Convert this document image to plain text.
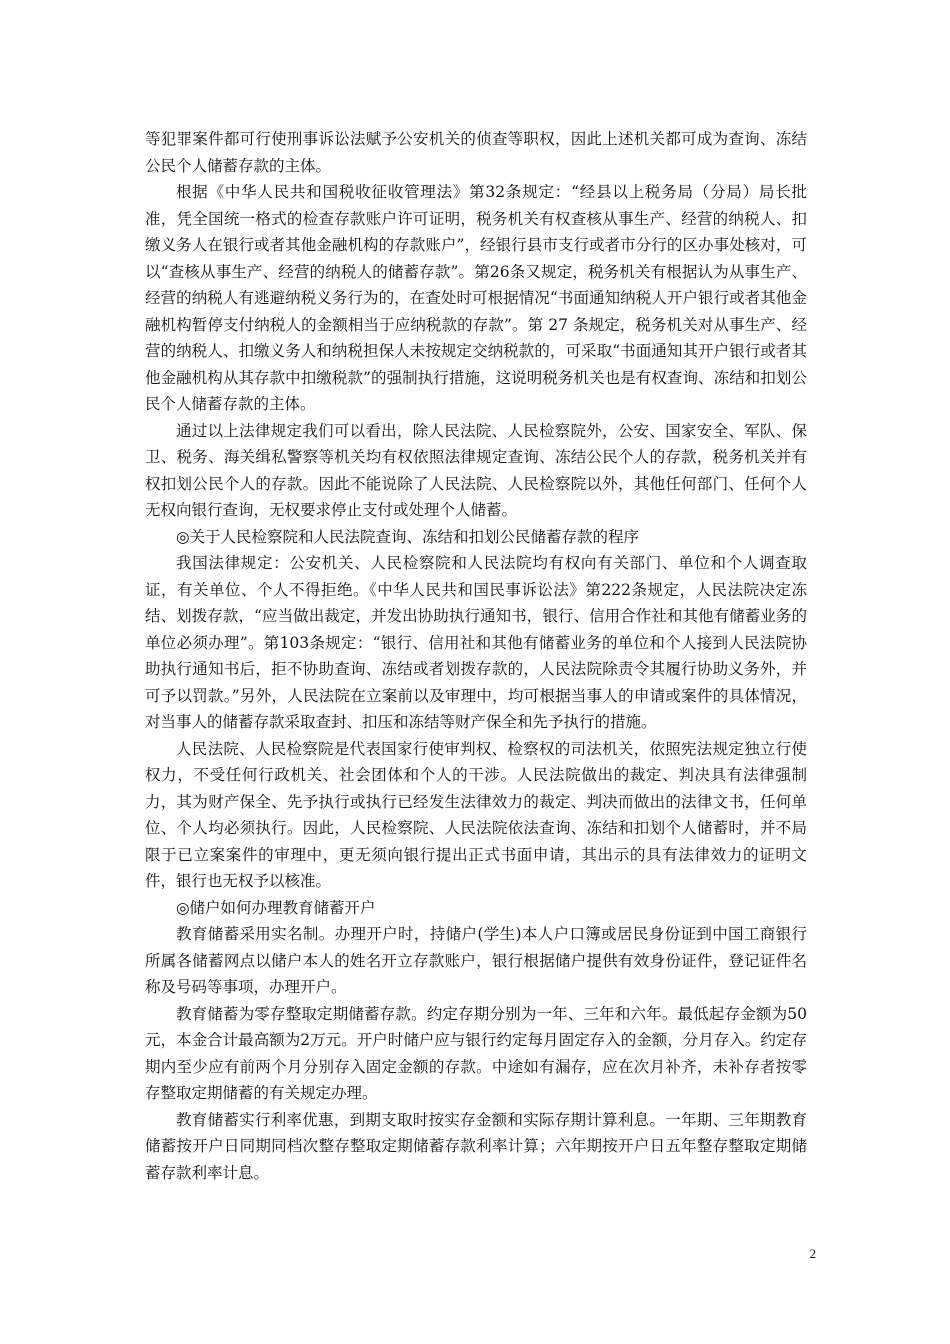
等犯罪案件都可行使刑事诉讼法赋予公安机关的侦查等职权，因此上述机关都可成为查询、冻结公民个人储蓄存款的主体。

根据《中华人民共和国税收征收管理法》第32条规定：“经县以上税务局（分局）局长批准，凭全国统一格式的检查存款账户许可证明，税务机关有权查核从事生产、经营的纳税人、扣缴义务人在银行或者其他金融机构的存款账户”，经银行县市支行或者市分行的区办事处核对，可以“查核从事生产、经营的纳税人的储蓄存款”。第26条又规定，税务机关有根据认为从事生产、经营的纳税人有逃避纳税义务行为的，在查处时可根据情况“书面通知纳税人开户银行或者其他金融机构暂停支付纳税人的金额相当于应纳税款的存款”。第 27 条规定，税务机关对从事生产、经营的纳税人、扣缴义务人和纳税担保人未按规定交纳税款的，可采取“书面通知其开户银行或者其他金融机构从其存款中扣缴税款”的强制执行措施，这说明税务机关也是有权查询、冻结和扣划公民个人储蓄存款的主体。

通过以上法律规定我们可以看出，除人民法院、人民检察院外，公安、国家安全、军队、保卫、税务、海关缉私警察等机关均有权依照法律规定查询、冻结公民个人的存款，税务机关并有权扣划公民个人的存款。因此不能说除了人民法院、人民检察院以外，其他任何部门、任何个人无权向银行查询，无权要求停止支付或处理个人储蓄。

◎关于人民检察院和人民法院查询、冻结和扣划公民储蓄存款的程序

我国法律规定：公安机关、人民检察院和人民法院均有权向有关部门、单位和个人调查取证，有关单位、个人不得拒绝。《中华人民共和国民事诉讼法》第222条规定，人民法院决定冻结、划拨存款，“应当做出裁定，并发出协助执行通知书，银行、信用合作社和其他有储蓄业务的单位必须办理”。第103条规定：“银行、信用社和其他有储蓄业务的单位和个人接到人民法院协助执行通知书后，拒不协助查询、冻结或者划拨存款的，人民法院除责令其履行协助义务外，并可予以罚款。”另外，人民法院在立案前以及审理中，均可根据当事人的申请或案件的具体情况，对当事人的储蓄存款采取查封、扣压和冻结等财产保全和先予执行的措施。

人民法院、人民检察院是代表国家行使审判权、检察权的司法机关，依照宪法规定独立行使权力，不受任何行政机关、社会团体和个人的干涉。人民法院做出的裁定、判决具有法律强制力，其为财产保全、先予执行或执行已经发生法律效力的裁定、判决而做出的法律文书，任何单位、个人均必须执行。因此，人民检察院、人民法院依法查询、冻结和扣划个人储蓄时，并不局限于已立案案件的审理中，更无须向银行提出正式书面申请，其出示的具有法律效力的证明文件，银行也无权予以核准。

◎储户如何办理教育储蓄开户

教育储蓄采用实名制。办理开户时，持储户(学生)本人户口簿或居民身份证到中国工商银行所属各储蓄网点以储户本人的姓名开立存款账户，银行根据储户提供有效身份证件，登记证件名称及号码等事项，办理开户。

教育储蓄为零存整取定期储蓄存款。约定存期分别为一年、三年和六年。最低起存金额为50元，本金合计最高额为2万元。开户时储户应与银行约定每月固定存入的金额，分月存入。约定存期内至少应有前两个月分别存入固定金额的存款。中途如有漏存，应在次月补齐，未补存者按零存整取定期储蓄的有关规定办理。

教育储蓄实行利率优惠，到期支取时按实存金额和实际存期计算利息。一年期、三年期教育储蓄按开户日同期同档次整存整取定期储蓄存款利率计算；六年期按开户日五年整存整取定期储蓄存款利率计息。

2
